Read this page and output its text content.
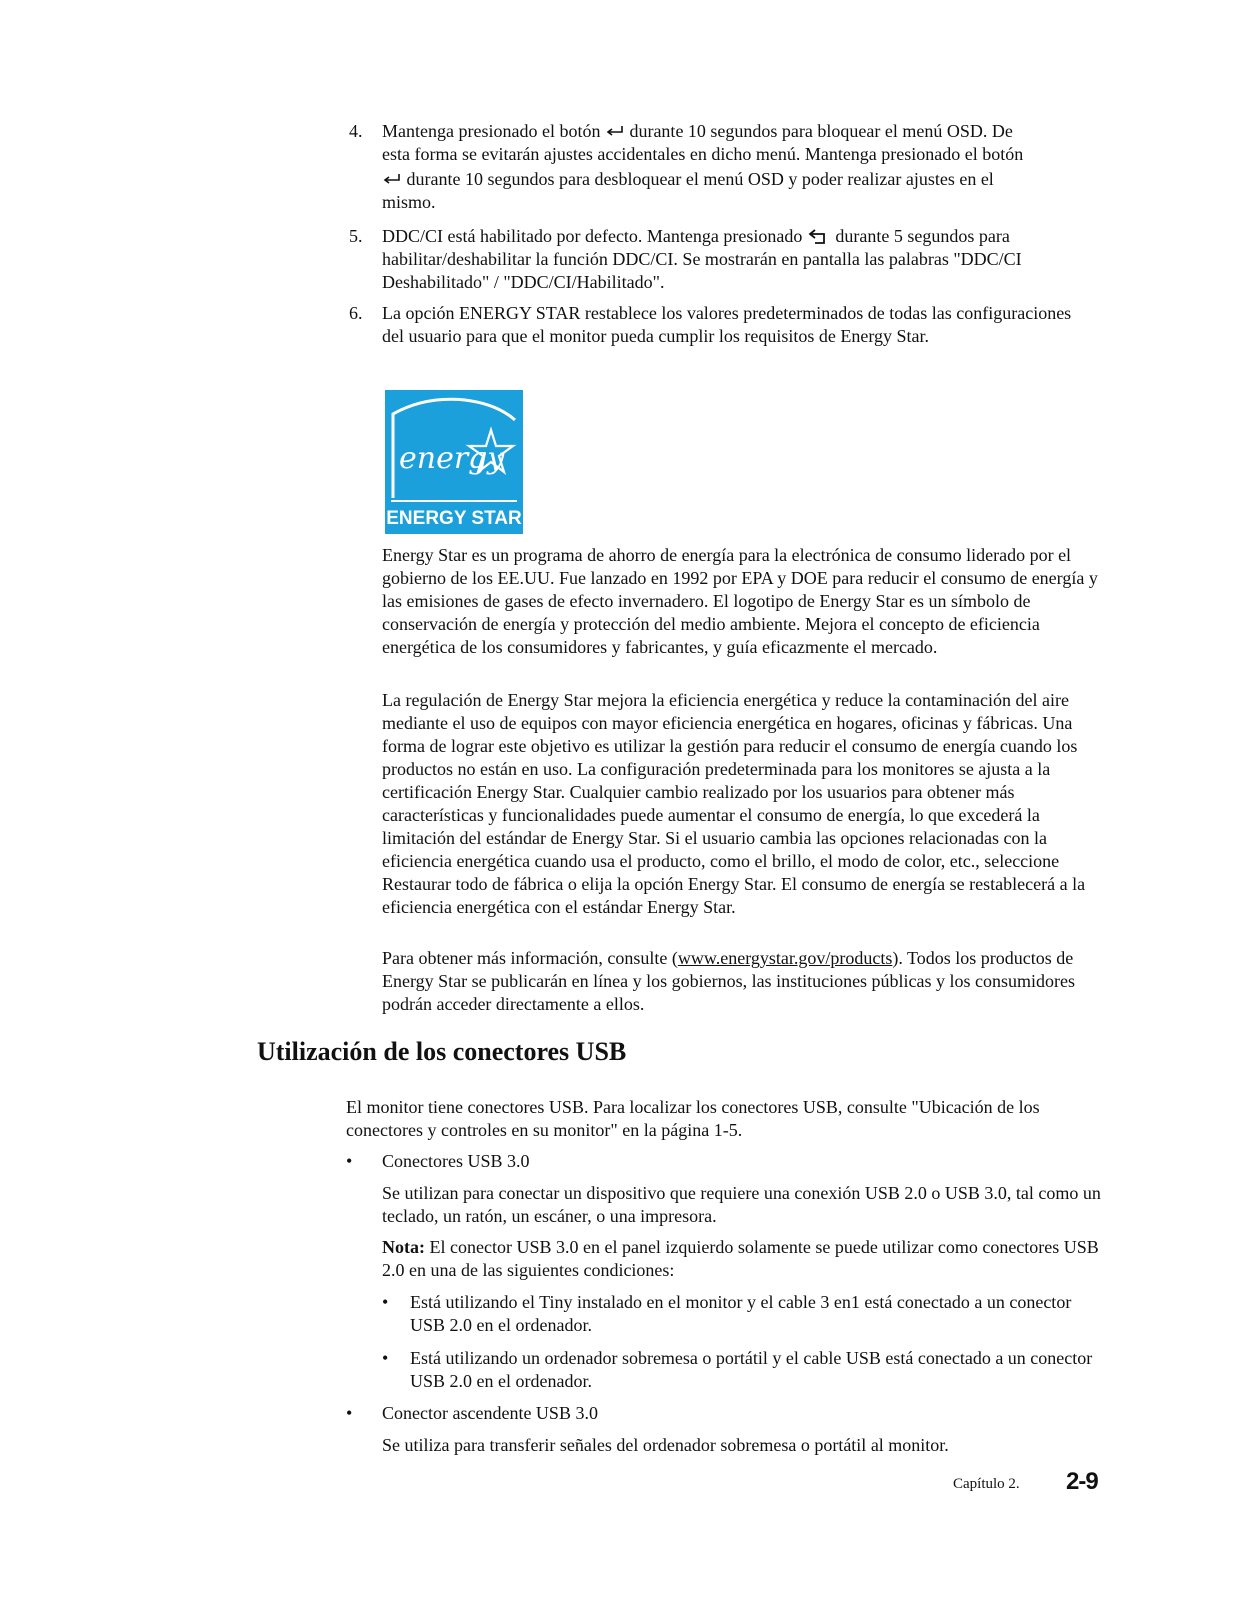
4. Mantenga presionado el botón  durante 10 segundos para bloquear el menú OSD. De
esta forma se evitarán ajustes accidentales en dicho menú. Mantenga presionado el botón
durante 10 segundos para desbloquear el menú OSD y poder realizar ajustes en el
mismo.
5. DDC/CI está habilitado por defecto. Mantenga presionado  durante 5 segundos para
habilitar/deshabilitar la función DDC/CI. Se mostrarán en pantalla las palabras "DDC/CI
Deshabilitado" / "DDC/CI/Habilitado".
6. La opción ENERGY STAR restablece los valores predeterminados de todas las configuraciones del usuario para que el monitor pueda cumplir los requisitos de Energy Star.
energy
ENERGY STAR
Energy Star es un programa de ahorro de energía para la electrónica de consumo liderado por el gobierno de los EE.UU. Fue lanzado en 1992 por EPA y DOE para reducir el consumo de energía y las emisiones de gases de efecto invernadero. El logotipo de Energy Star es un símbolo de conservación de energía y protección del medio ambiente. Mejora el concepto de eficiencia energética de los consumidores y fabricantes, y guía eficazmente el mercado.
La regulación de Energy Star mejora la eficiencia energética y reduce la contaminación del aire mediante el uso de equipos con mayor eficiencia energética en hogares, oficinas y fábricas. Una forma de lograr este objetivo es utilizar la gestión para reducir el consumo de energía cuando los productos no están en uso. La configuración predeterminada para los monitores se ajusta a la certificación Energy Star. Cualquier cambio realizado por los usuarios para obtener más características y funcionalidades puede aumentar el consumo de energía, lo que excederá la limitación del estándar de Energy Star. Si el usuario cambia las opciones relacionadas con la eficiencia energética cuando usa el producto, como el brillo, el modo de color, etc., seleccione Restaurar todo de fábrica o elija la opción Energy Star. El consumo de energía se restablecerá a la eficiencia energética con el estándar Energy Star.
Para obtener más información, consulte (www.energystar.gov/products). Todos los productos de Energy Star se publicarán en línea y los gobiernos, las instituciones públicas y los consumidores podrán acceder directamente a ellos.
Utilización de los conectores USB
El monitor tiene conectores USB. Para localizar los conectores USB, consulte "Ubicación de los conectores y controles en su monitor" en la página 1-5.
• Conectores USB 3.0
Se utilizan para conectar un dispositivo que requiere una conexión USB 2.0 o USB 3.0, tal como un teclado, un ratón, un escáner, o una impresora.
Nota: El conector USB 3.0 en el panel izquierdo solamente se puede utilizar como conectores USB 2.0 en una de las siguientes condiciones:
• Está utilizando el Tiny instalado en el monitor y el cable 3 en1 está conectado a un conector USB 2.0 en el ordenador.
• Está utilizando un ordenador sobremesa o portátil y el cable USB está conectado a un conector USB 2.0 en el ordenador.
• Conector ascendente USB 3.0
Se utiliza para transferir señales del ordenador sobremesa o portátil al monitor.
Capítulo 2. 2-9
